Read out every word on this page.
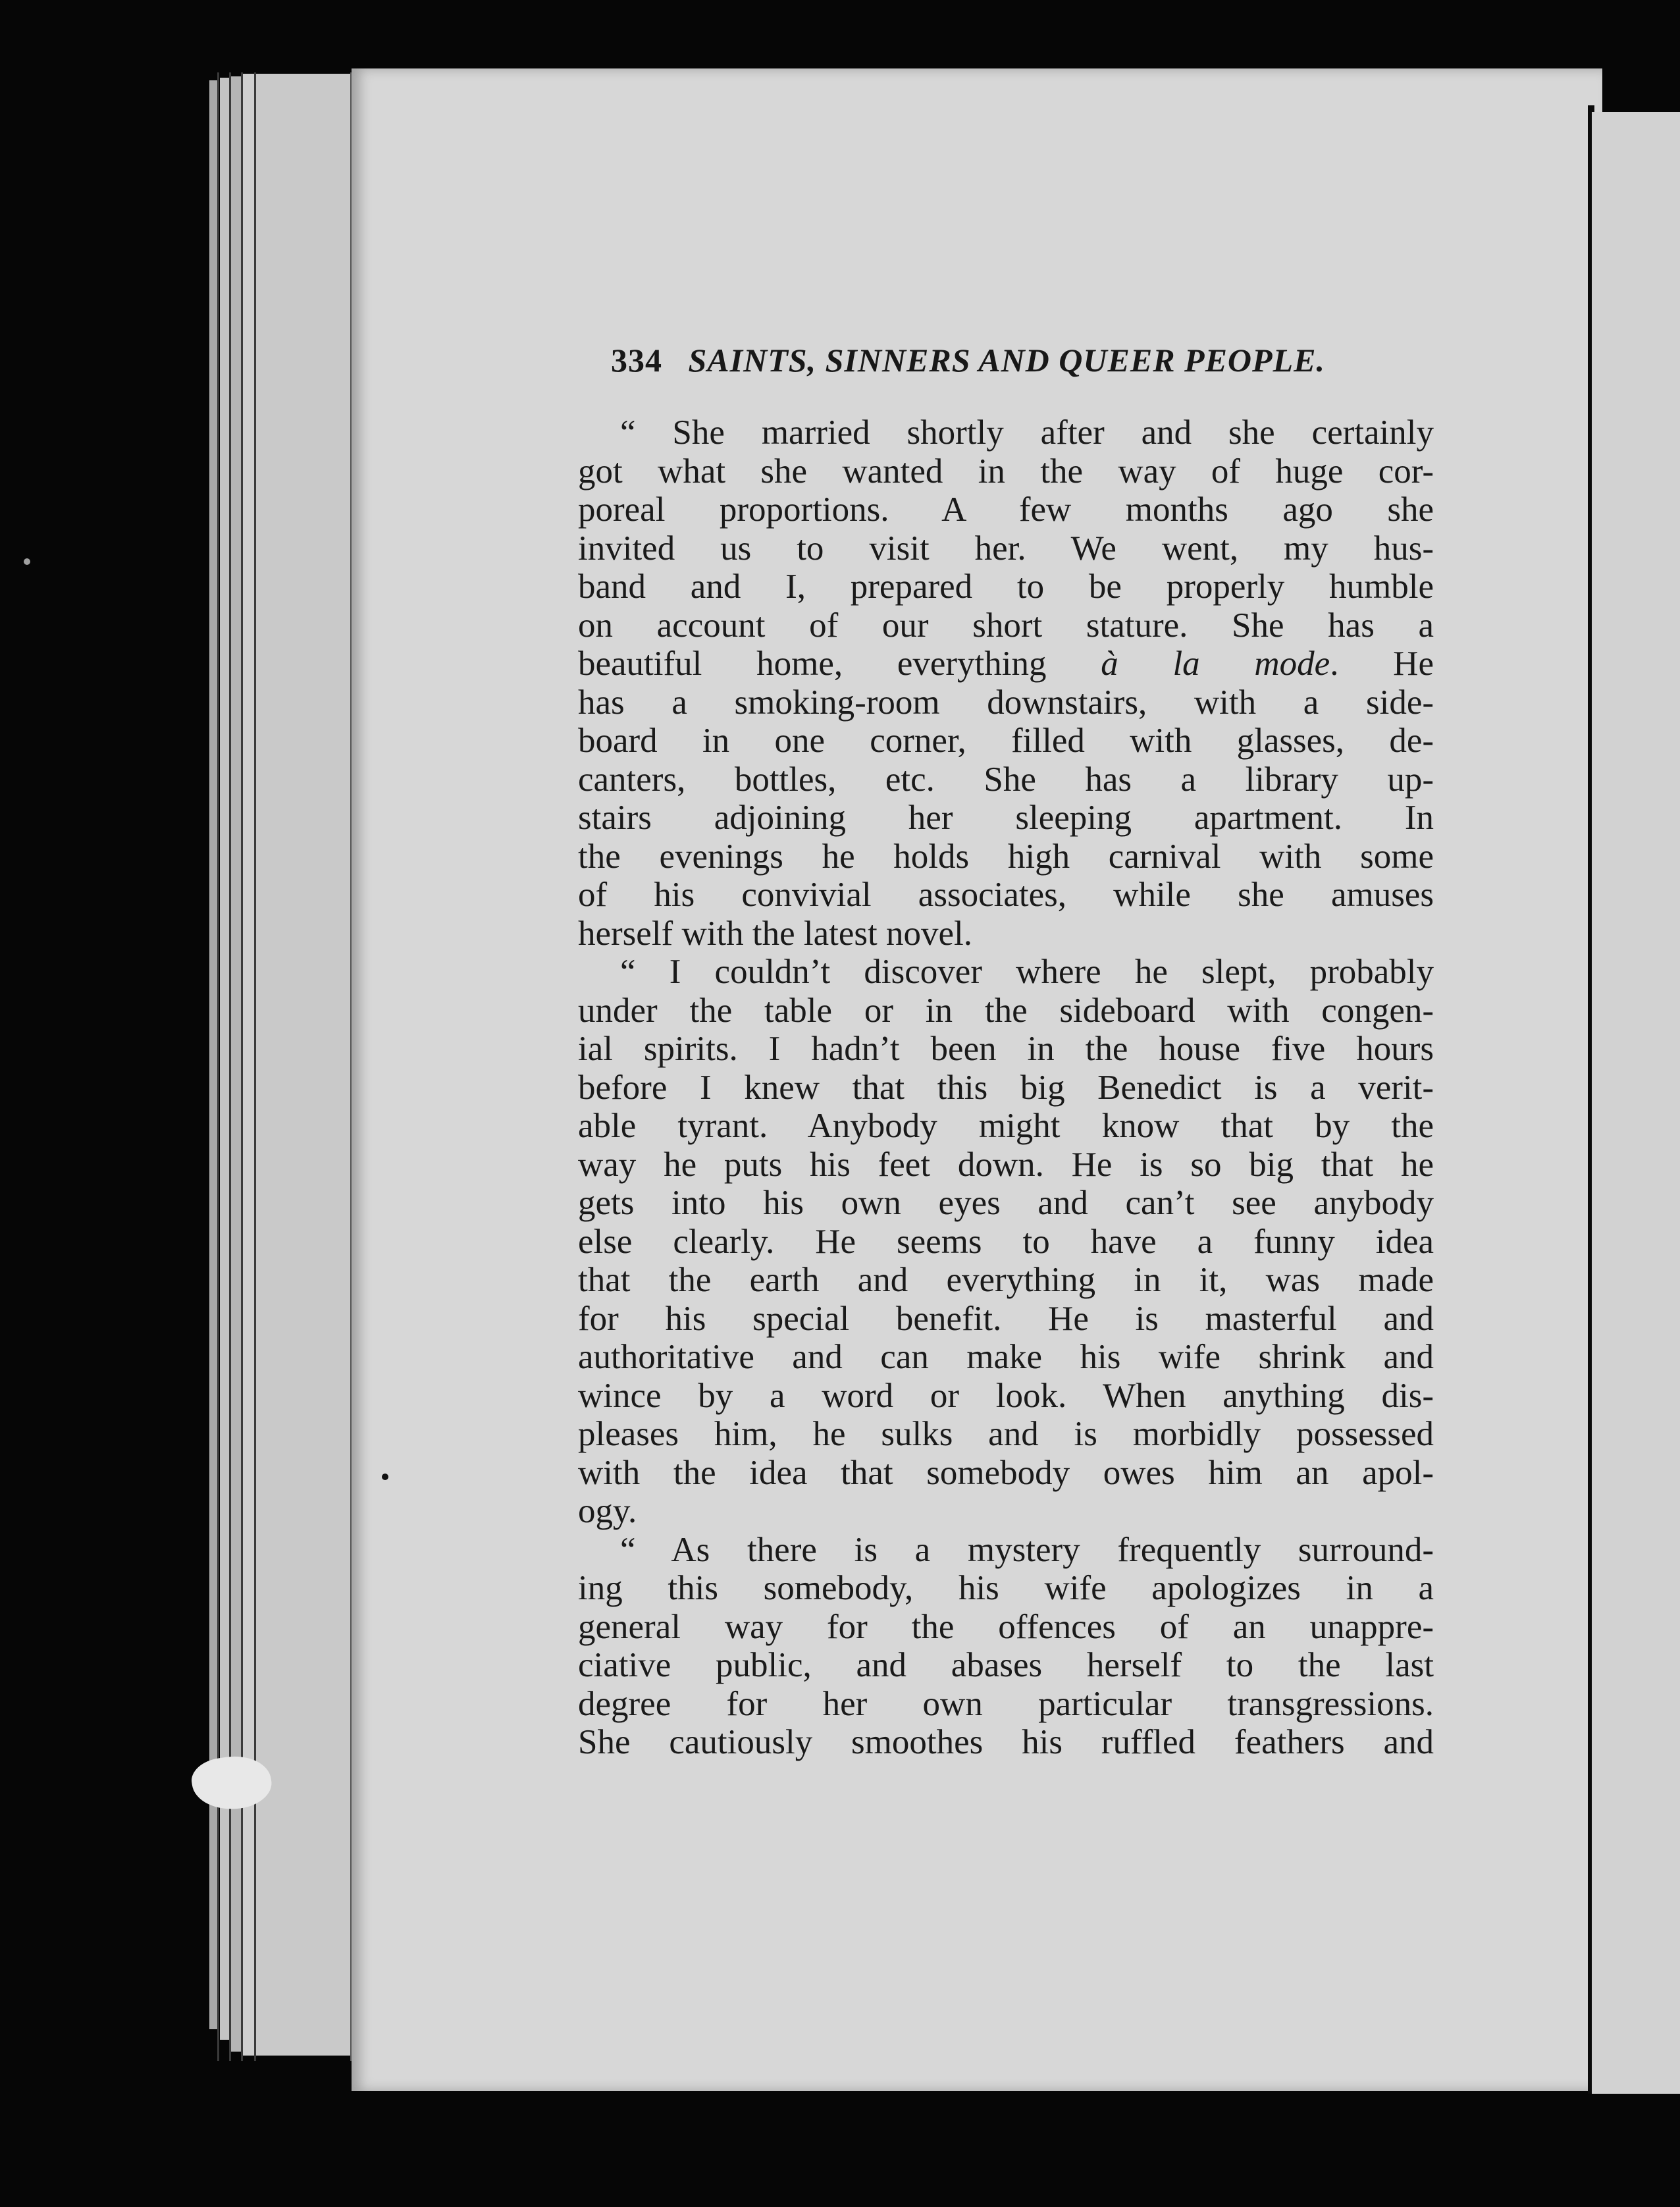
334 SAINTS, SINNERS AND QUEER PEOPLE.
“ She married shortly after and she certainly
got what she wanted in the way of huge cor-
poreal proportions. A few months ago she
invited us to visit her. We went, my hus-
band and I, prepared to be properly humble
on account of our short stature. She has a
beautiful home, everything à la mode. He
has a smoking-room downstairs, with a side-
board in one corner, filled with glasses, de-
canters, bottles, etc. She has a library up-
stairs adjoining her sleeping apartment. In
the evenings he holds high carnival with some
of his convivial associates, while she amuses
herself with the latest novel.
“ I couldn’t discover where he slept, probably
under the table or in the sideboard with congen-
ial spirits. I hadn’t been in the house five hours
before I knew that this big Benedict is a verit-
able tyrant. Anybody might know that by the
way he puts his feet down. He is so big that he
gets into his own eyes and can’t see anybody
else clearly. He seems to have a funny idea
that the earth and everything in it, was made
for his special benefit. He is masterful and
authoritative and can make his wife shrink and
wince by a word or look. When anything dis-
pleases him, he sulks and is morbidly possessed
with the idea that somebody owes him an apol-
ogy.
“ As there is a mystery frequently surround-
ing this somebody, his wife apologizes in a
general way for the offences of an unappre-
ciative public, and abases herself to the last
degree for her own particular transgressions.
She cautiously smoothes his ruffled feathers and
